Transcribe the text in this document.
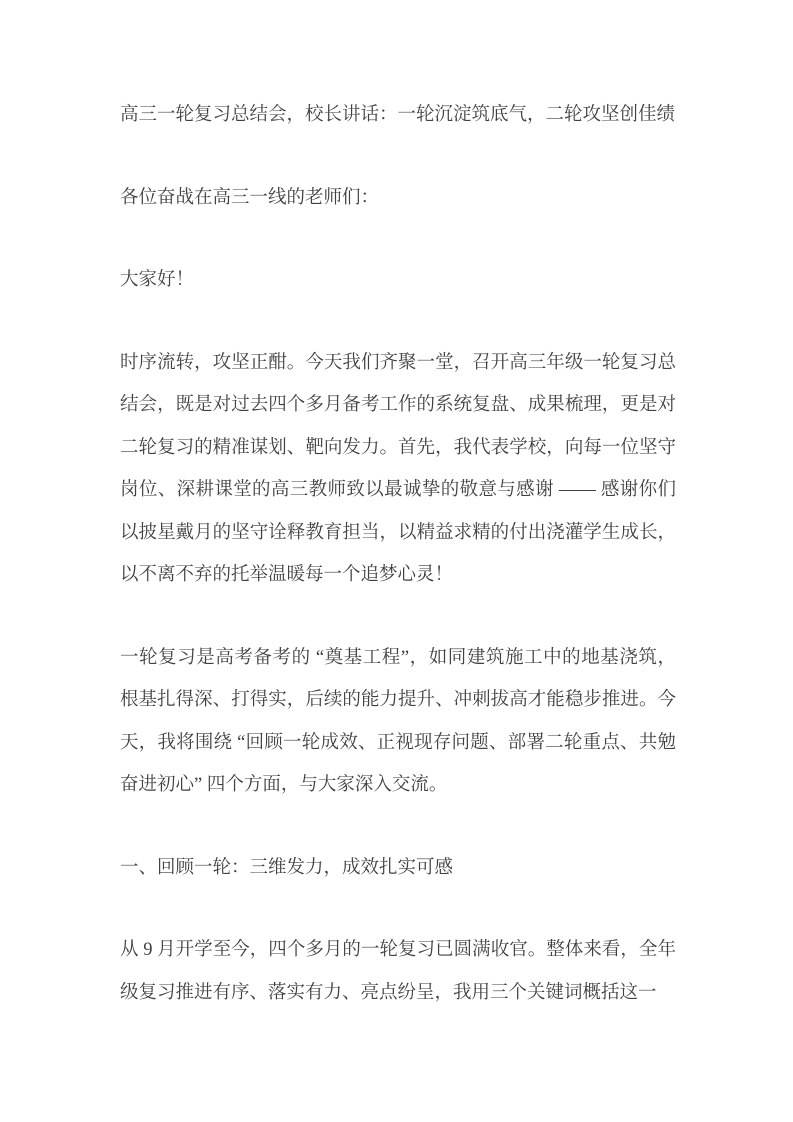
高三一轮复习总结会，校长讲话：一轮沉淀筑底气，二轮攻坚创佳绩

各位奋战在高三一线的老师们：

大家好！

时序流转，攻坚正酣。今天我们齐聚一堂，召开高三年级一轮复习总结会，既是对过去四个多月备考工作的系统复盘、成果梳理，更是对二轮复习的精准谋划、靶向发力。首先，我代表学校，向每一位坚守岗位、深耕课堂的高三教师致以最诚挚的敬意与感谢 —— 感谢你们以披星戴月的坚守诠释教育担当，以精益求精的付出浇灌学生成长，以不离不弃的托举温暖每一个追梦心灵！

一轮复习是高考备考的 “奠基工程”，如同建筑施工中的地基浇筑，根基扎得深、打得实，后续的能力提升、冲刺拔高才能稳步推进。今天，我将围绕 “回顾一轮成效、正视现存问题、部署二轮重点、共勉奋进初心” 四个方面，与大家深入交流。

一、回顾一轮：三维发力，成效扎实可感

从 9 月开学至今，四个多月的一轮复习已圆满收官。整体来看，全年级复习推进有序、落实有力、亮点纷呈，我用三个关键词概括这一
